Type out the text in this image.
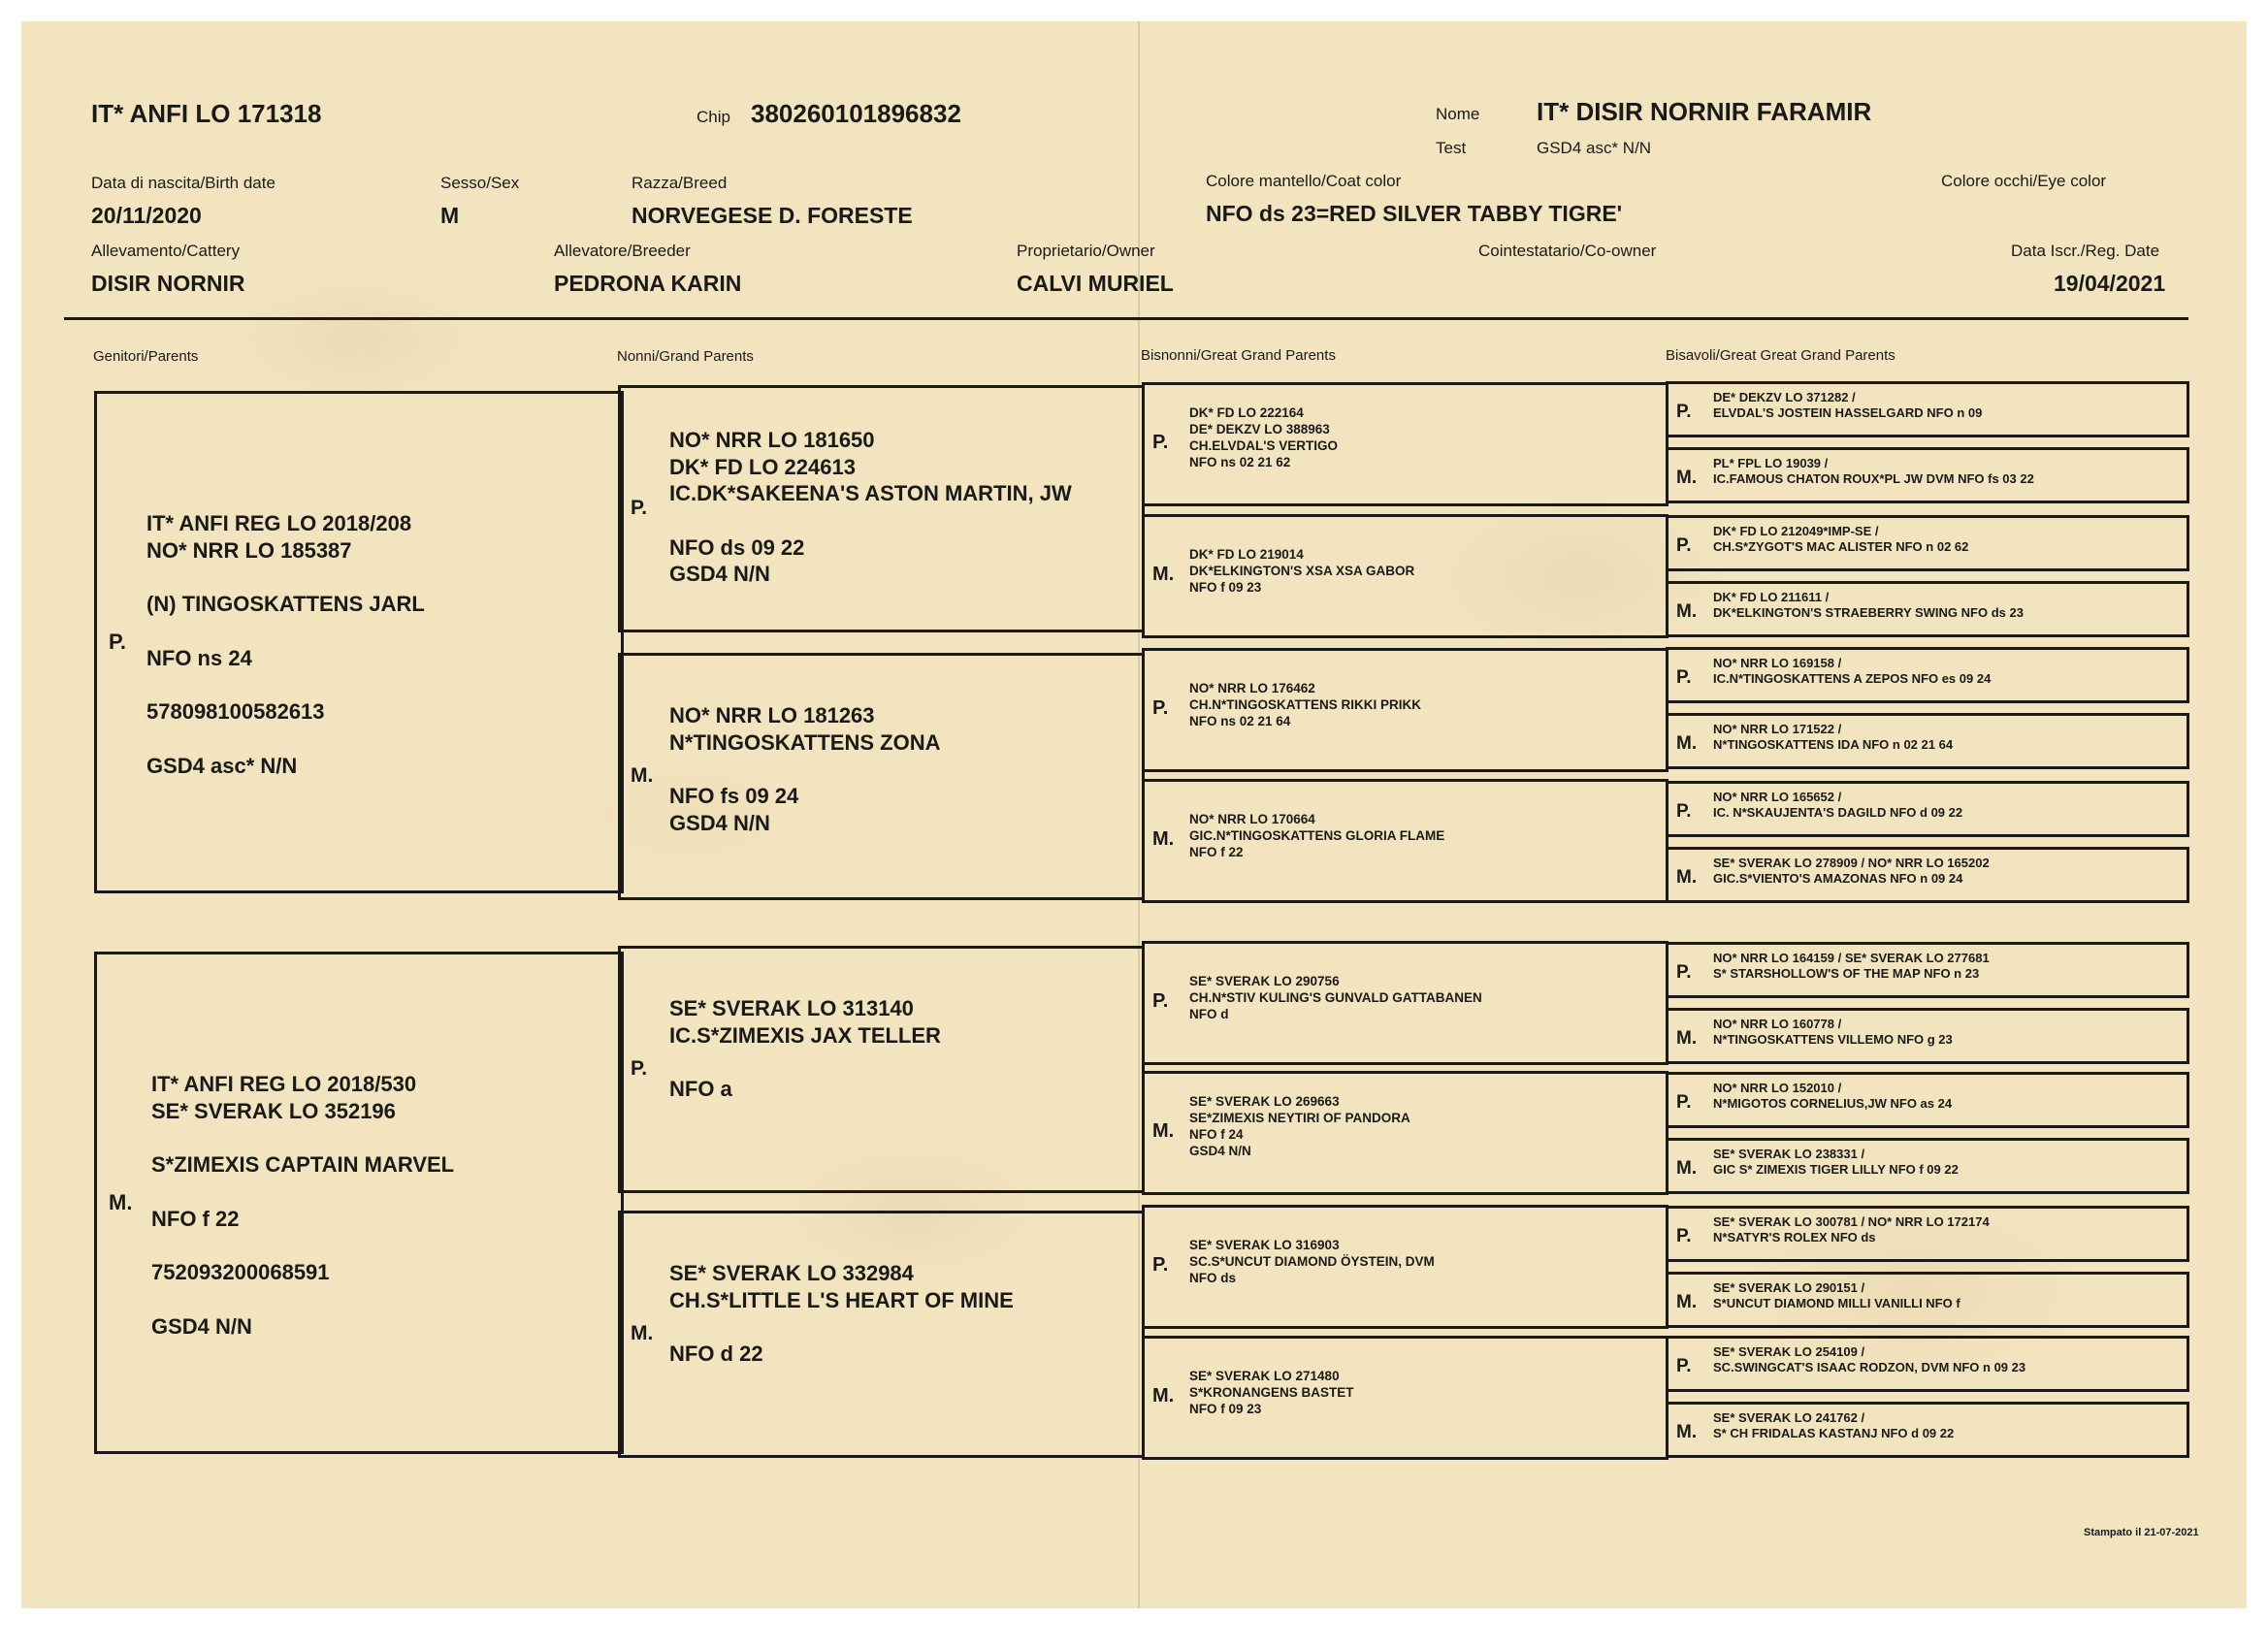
IT* ANFI LO 171318	Chip 380260101896832	Nome IT* DISIR NORNIR FARAMIR
Test	GSD4 asc* N/N
Data di nascita/Birth date
20/11/2020
Sesso/Sex
M
Razza/Breed
NORVEGESE D. FORESTE
Colore mantello/Coat color
NFO ds 23=RED SILVER TABBY TIGRE'
Colore occhi/Eye color
Allevamento/Cattery
DISIR NORNIR
Allevatore/Breeder
PEDRONA KARIN
Proprietario/Owner
CALVI MURIEL
Cointestatario/Co-owner	Data Iscr./Reg. Date
19/04/2021
Genitori/Parents	Nonni/Grand Parents	Bisnonni/Great Grand Parents	Bisavoli/Great Great Grand Parents
P.
IT* ANFI REG LO 2018/208
NO* NRR LO 185387
(N) TINGOSKATTENS JARL
NFO ns 24
578098100582613
GSD4 asc* N/N
M.
IT* ANFI REG LO 2018/530
SE* SVERAK LO 352196
S*ZIMEXIS CAPTAIN MARVEL
NFO f 22
752093200068591
GSD4 N/N
P.
NO* NRR LO 181650
DK* FD LO 224613
IC.DK*SAKEENA'S ASTON MARTIN, JW
NFO ds 09 22
GSD4 N/N
M.
NO* NRR LO 181263
N*TINGOSKATTENS ZONA
NFO fs 09 24
GSD4 N/N
P.
SE* SVERAK LO 313140
IC.S*ZIMEXIS JAX TELLER
NFO a
M.
SE* SVERAK LO 332984
CH.S*LITTLE L'S HEART OF MINE
NFO d 22
P.
DK* FD LO 222164
DE* DEKZV LO 388963
CH.ELVDAL'S VERTIGO
NFO ns 02 21 62
M.
DK* FD LO 219014
DK*ELKINGTON'S XSA XSA GABOR
NFO f 09 23
P.
NO* NRR LO 176462
CH.N*TINGOSKATTENS RIKKI PRIKK
NFO ns 02 21 64
M.
NO* NRR LO 170664
GIC.N*TINGOSKATTENS GLORIA FLAME
NFO f 22
P.
SE* SVERAK LO 290756
CH.N*STIV KULING'S GUNVALD GATTABANEN
NFO d
M.
SE* SVERAK LO 269663
SE*ZIMEXIS NEYTIRI OF PANDORA
NFO f 24
GSD4 N/N
P.
SE* SVERAK LO 316903
SC.S*UNCUT DIAMOND ÖYSTEIN, DVM
NFO ds
M.
SE* SVERAK LO 271480
S*KRONANGENS BASTET
NFO f 09 23
P.
DE* DEKZV LO 371282 /
ELVDAL'S JOSTEIN HASSELGARD NFO n 09
M.
PL* FPL LO 19039 /
IC.FAMOUS CHATON ROUX*PL JW DVM NFO fs 03 22
P.
DK* FD LO 212049*IMP-SE /
CH.S*ZYGOT'S MAC ALISTER NFO n 02 62
M.
DK* FD LO 211611 /
DK*ELKINGTON'S STRAEBERRY SWING NFO ds 23
P.
NO* NRR LO 169158 /
IC.N*TINGOSKATTENS A ZEPOS NFO es 09 24
M.
NO* NRR LO 171522 /
N*TINGOSKATTENS IDA NFO n 02 21 64
P.
NO* NRR LO 165652 /
IC. N*SKAUJENTA'S DAGILD NFO d 09 22
M.
SE* SVERAK LO 278909 / NO* NRR LO 165202
GIC.S*VIENTO'S AMAZONAS NFO n 09 24
P.
NO* NRR LO 164159 / SE* SVERAK LO 277681
S* STARSHOLLOW'S OF THE MAP NFO n 23
M.
NO* NRR LO 160778 /
N*TINGOSKATTENS VILLEMO NFO g 23
P.
NO* NRR LO 152010 /
N*MIGOTOS CORNELIUS,JW NFO as 24
M.
SE* SVERAK LO 238331 /
GIC S* ZIMEXIS TIGER LILLY NFO f 09 22
P.
SE* SVERAK LO 300781 / NO* NRR LO 172174
N*SATYR'S ROLEX NFO ds
M.
SE* SVERAK LO 290151 /
S*UNCUT DIAMOND MILLI VANILLI NFO f
P.
SE* SVERAK LO 254109 /
SC.SWINGCAT'S ISAAC RODZON, DVM NFO n 09 23
M.
SE* SVERAK LO 241762 /
S* CH FRIDALAS KASTANJ NFO d 09 22
Stampato il 21-07-2021
